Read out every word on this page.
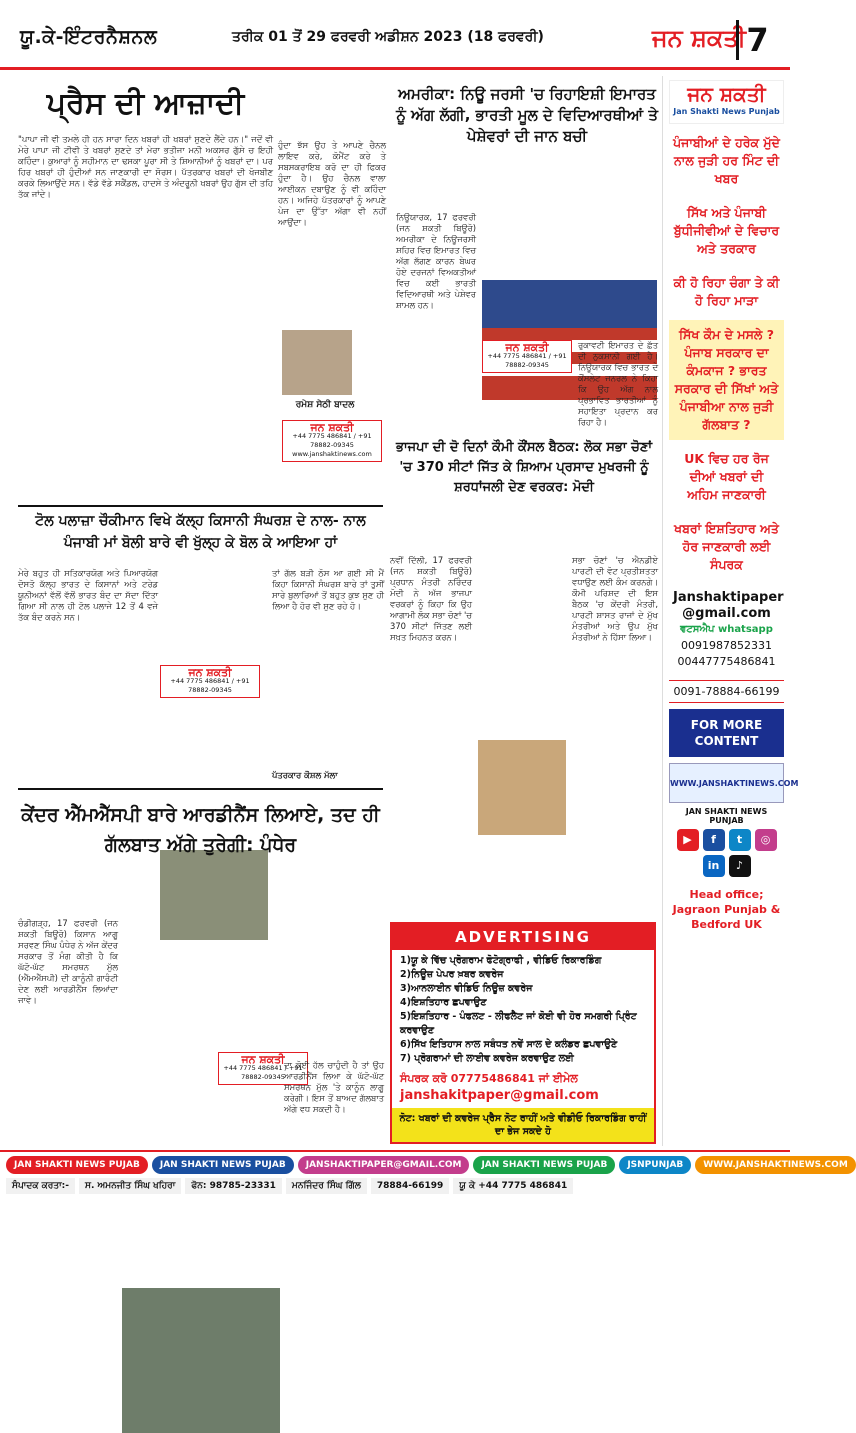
ਯੂ.ਕੇ-ਇੰਟਰਨੈਸ਼ਨਲ	ਤਰੀਕ 01 ਤੋਂ 29 ਫਰਵਰੀ ਅਡੀਸ਼ਨ 2023 (18 ਫਰਵਰੀ)	ਜਨ ਸ਼ਕਤੀ 7
ਪ੍ਰੈਸ ਦੀ ਆਜ਼ਾਦੀ
"ਪਾਪਾ ਜੀ ਵੀ ਤਮਲੇ ਹੀ ਹਨ ਸਾਰਾ ਦਿਨ ਖਬਰਾਂ ਹੀ ਖਬਰਾਂ ਸੁਣਦੇ ਲੈਂਦੇ ਹਨ।" ਜਦੋਂ ਵੀ ਮੇਰੇ ਪਾਪਾ ਜੀ ਟੀਵੀ ਤੇ ਖਬਰਾਂ ਸੁਣਦੇ ਤਾਂ ਮੇਰਾ ਭਤੀਜਾ ਮਨੀ ਅਕਸਰ ਗੁੱਸੇ ਚ ਇਹੀ ਕਹਿੰਦਾ। ਕੁਆਰਾਂ ਨੂੰ ਸਹੀਮਾਨ ਦਾ ਢਸਕਾ ਪੂਰਾ ਸੀ ਤੇ ਸ਼ਿਆਨੀਆਂ ਨੂੰ ਖਬਰਾਂ ਦਾ। ਪਰ ਹਿਰ ਖਬਰਾਂ ਹੀ ਹੁੰਦੀਆਂ ਸਨ ਜਾਣਕਾਰੀ ਦਾ ਸੋਰਸ। ਪੱਤਰਕਾਰ ਖਬਰਾਂ ਦੀ ਖੋਜਬੀਣ ਕਰਕੇ ਲਿਆਉਂਦੇ ਸਨ। ਵੱਡੇ ਵੱਡੇ ਸਕੈਂਡਲ, ਹਾਦਸੇ ਤੇ ਅੰਦਰੂਨੀ ਖਬਰਾਂ ਉਹ ਗੁੱਸ ਦੀ ਤਹਿ ਤੱਕ ਜਾਂਦੇ।
ਹੁੰਦਾ ਝੱਸ ਉਹ ਤੇ ਆਪਣੇ ਚੈਨਲ ਲਾਇਵ ਕਰੇ, ਕੋਮੈਂਟ ਕਰੇ ਤੇ ਸਬਸਕਰਾਇਬ ਕਰੋ ਦਾ ਹੀ ਫਿਕਰ ਹੁੰਦਾ ਹੈ। ਉਹ ਚੈਨਲ ਵਾਲਾ ਆਈਕਨ ਦਬਾਉਣ ਨੂੰ ਵੀ ਕਹਿੰਦਾ ਹਨ। ਅਜਿਹੇ ਪੱਤਰਕਾਰਾਂ ਨੂੰ ਆਪਣੇ ਪੇਜ ਦਾ ਉੱਤਾ ਅੱਗਾ ਵੀ ਨਹੀਂ ਆਉਂਦਾ।
ਰਮੇਸ਼ ਸੇਠੀ ਬਾਦਲ
ਜਨ ਸ਼ਕਤੀ
+44 7775 486841 / +91 78882-09345
www.janshaktinews.com
ਅਮਰੀਕਾ: ਨਿਊ ਜਰਸੀ 'ਚ ਰਿਹਾਇਸ਼ੀ ਇਮਾਰਤ ਨੂੰ ਅੱਗ ਲੱਗੀ, ਭਾਰਤੀ ਮੂਲ ਦੇ ਵਿਦਿਆਰਥੀਆਂ ਤੇ ਪੇਸ਼ੇਵਰਾਂ ਦੀ ਜਾਨ ਬਚੀ
ਨਿਊਯਾਰਕ, 17 ਫਰਵਰੀ (ਜਨ ਸ਼ਕਤੀ ਬਿਊਰੋ) ਅਮਰੀਕਾ ਦੇ ਨਿਊਜਰਸੀ ਸ਼ਹਿਰ ਵਿਚ ਇਮਾਰਤ ਵਿਚ ਅੱਗ ਲੱਗਣ ਕਾਰਨ ਬੇਘਰ ਹੋਏ ਦਰਜਨਾਂ ਵਿਅਕਤੀਆਂ ਵਿਚ ਕਈ ਭਾਰਤੀ ਵਿਦਿਆਰਥੀ ਅਤੇ ਪੇਸ਼ੇਵਰ ਸ਼ਾਮਲ ਹਨ।
ਜਨ ਸ਼ਕਤੀ
+44 7775 486841 / +91 78882-09345
ਰੁਕਾਵਟੀ ਇਮਾਰਤ ਦੇ ਛੱਤ ਦੀ ਨੁਕਸਾਨੀ ਗਈ ਹੈ। ਨਿਊਯਾਰਕ ਵਿਚ ਭਾਰਤ ਦੇ ਕੌਂਸਲੇਟ ਜਨਰਲ ਨੇ ਕਿਹਾ ਕਿ ਉਹ ਅੱਗ ਨਾਲ ਪ੍ਰਭਾਵਿਤ ਭਾਰਤੀਆਂ ਨੂੰ ਸਹਾਇਤਾ ਪ੍ਰਦਾਨ ਕਰ ਰਿਹਾ ਹੈ।
ਭਾਜਪਾ ਦੀ ਦੋ ਦਿਨਾਂ ਕੌਮੀ ਕੌਂਸਲ ਬੈਠਕ: ਲੋਕ ਸਭਾ ਚੋਣਾਂ 'ਚ 370 ਸੀਟਾਂ ਜਿੱਤ ਕੇ ਸ਼ਿਆਮ ਪ੍ਰਸਾਦ ਮੁਖਰਜੀ ਨੂੰ ਸ਼ਰਧਾਂਜਲੀ ਦੇਣ ਵਰਕਰ: ਮੋਦੀ
ਨਵੀਂ ਦਿੱਲੀ, 17 ਫਰਵਰੀ (ਜਨ ਸ਼ਕਤੀ ਬਿਊਰੋ) ਪ੍ਰਧਾਨ ਮੰਤਰੀ ਨਰਿੰਦਰ ਮੋਦੀ ਨੇ ਅੱਜ ਭਾਜਪਾ ਵਰਕਰਾਂ ਨੂੰ ਕਿਹਾ ਕਿ ਉਹ ਆਗਾਮੀ ਲੋਕ ਸਭਾ ਚੋਣਾਂ 'ਚ 370 ਸੀਟਾਂ ਜਿੱਤਣ ਲਈ ਸਖ਼ਤ ਮਿਹਨਤ ਕਰਨ।
ਸਭਾ ਚੋਣਾਂ 'ਚ ਐਨਡੀਏ ਪਾਰਟੀ ਦੀ ਵੋਟ ਪ੍ਰਤੀਸ਼ਤਤਾ ਵਧਾਉਣ ਲਈ ਕੰਮ ਕਰਨਗੇ। ਕੌਮੀ ਪਰਿਸ਼ਦ ਦੀ ਇਸ ਬੈਠਕ 'ਚ ਕੇਂਦਰੀ ਮੰਤਰੀ, ਪਾਰਟੀ ਸ਼ਾਸਤ ਰਾਜਾਂ ਦੇ ਮੁੱਖ ਮੰਤਰੀਆਂ ਅਤੇ ਉਪ ਮੁੱਖ ਮੰਤਰੀਆਂ ਨੇ ਹਿੱਸਾ ਲਿਆ।
ਟੋਲ ਪਲਾਜ਼ਾ ਚੌਕੀਮਾਨ ਵਿਖੇ ਕੱਲ੍ਹ ਕਿਸਾਨੀ ਸੰਘਰਸ਼ ਦੇ ਨਾਲ- ਨਾਲ ਪੰਜਾਬੀ ਮਾਂ ਬੋਲੀ ਬਾਰੇ ਵੀ ਖੁੱਲ੍ਹ ਕੇ ਬੋਲ ਕੇ ਆਇਆ ਹਾਂ
ਮੇਰੇ ਬਹੁਤ ਹੀ ਸਤਿਕਾਰਯੋਗ ਅਤੇ ਪਿਆਰਯੋਗ ਦੋਸਤੋ ਕੱਲ੍ਹ ਭਾਰਤ ਦੇ ਕਿਸਾਨਾਂ ਅਤੇ ਟਰੇਡ ਯੂਨੀਅਨਾਂ ਵੱਲੋਂ ਵੱਲੋਂ ਭਾਰਤ ਬੰਦ ਦਾ ਸੱਦਾ ਦਿੱਤਾ ਗਿਆ ਸੀ ਨਾਲ ਹੀ ਟੋਲ ਪਲਾਜੇ 12 ਤੋਂ 4 ਵਜੇ ਤੱਕ ਬੰਦ ਕਰਨੇ ਸਨ।
ਤਾਂ ਗੱਲ ਬੜੀ ਠੋਸ ਆ ਗਈ ਸੀ ਮੈਂ ਕਿਹਾ ਕਿਸਾਨੀ ਸੰਘਰਸ਼ ਬਾਰੇ ਤਾਂ ਤੁਸੀਂ ਸਾਰੇ ਬੁਲਾਰਿਆਂ ਤੋਂ ਬਹੁਤ ਕੁਝ ਸੁਣ ਹੀ ਲਿਆ ਹੈ ਹੋਰ ਵੀ ਸੁਣ ਰਹੇ ਹੋ।
ਜਨ ਸ਼ਕਤੀ
+44 7775 486841 / +91 78882-09345
ਪੱਤਰਕਾਰ ਕੌਸ਼ਲ ਮੱਲਾ
ਕੇਂਦਰ ਐੱਮਐੱਸਪੀ ਬਾਰੇ ਆਰਡੀਨੈਂਸ ਲਿਆਏ, ਤਦ ਹੀ ਗੱਲਬਾਤ ਅੱਗੇ ਤੁਰੇਗੀ: ਪੰਧੇਰ
ਚੰਡੀਗੜ੍ਹ, 17 ਫਰਵਰੀ (ਜਨ ਸ਼ਕਤੀ ਬਿਊਰੋ) ਕਿਸਾਨ ਆਗੂ ਸਰਵਣ ਸਿੰਘ ਪੰਧੇਰ ਨੇ ਅੱਜ ਕੇਂਦਰ ਸਰਕਾਰ ਤੋਂ ਮੰਗ ਕੀਤੀ ਹੈ ਕਿ ਘੱਟੋ-ਘੱਟ ਸਮਰਥਨ ਮੁੱਲ (ਐੱਮਐੱਸਪੀ) ਦੀ ਕਾਨੂੰਨੀ ਗਾਰੰਟੀ ਦੇਣ ਲਈ ਆਰਡੀਨੈਂਸ ਲਿਆਂਦਾ ਜਾਵੇ।
ਜਨ ਸ਼ਕਤੀ
+44 7775 486841 / +91 78882-09345
ਦਾ ਕੋਈ ਹੱਲ ਚਾਹੁੰਦੀ ਹੈ ਤਾਂ ਉਹ ਆਰਡੀਨੈਂਸ ਲਿਆ ਕੇ ਘੱਟੋ-ਘੱਟ ਸਮਰਥਨ ਮੁੱਲ 'ਤੇ ਕਾਨੂੰਨ ਲਾਗੂ ਕਰੇਗੀ। ਇਸ ਤੋਂ ਬਾਅਦ ਗੱਲਬਾਤ ਅੱਗੇ ਵਧ ਸਕਦੀ ਹੈ।
ADVERTISING
1)ਯੂ ਕੇ ਵਿੱਚ ਪ੍ਰੋਗਰਾਮ ਫੋਟੋਗ੍ਰਾਫੀ , ਵੀਡਿਓ ਰਿਕਾਰਡਿੰਗ
2)ਨਿਊਜ਼ ਪੇਪਰ ਖ਼ਬਰ ਕਵਰੇਜ
3)ਆਨਲਾਈਨ ਵੀਡਿਓ ਨਿਊਜ਼ ਕਵਰੇਜ
4)ਇਸ਼ਤਿਹਾਰ ਛਪਵਾਉਣ
5)ਇਸ਼ਤਿਹਾਰ - ਪੰਫਲਟ - ਲੀਫਲੈਟ ਜਾਂ ਕੋਈ ਵੀ ਹੋਰ ਸਮਗਰੀ ਪ੍ਰਿੰਟ ਕਰਵਾਉਣ
6)ਸਿੱਖ ਇਤਿਹਾਸ ਨਾਲ ਸਬੰਧਤ ਨਵੇਂ ਸਾਲ ਦੇ ਕਲੰਡਰ ਛਪਵਾਉਣੇ
7) ਪ੍ਰੋਗਰਾਮਾਂ ਦੀ ਲਾਈਵ ਕਵਰੇਜ ਕਰਵਾਉਣ ਲਈ
ਸੰਪਰਕ ਕਰੋ 07775486841 ਜਾਂ ਈਮੇਲ
janshakitpaper@gmail.com
ਨੋਟ: ਖਬਰਾਂ ਦੀ ਕਵਰੇਜ ਪ੍ਰੈਸ ਨੋਟ ਰਾਹੀਂ ਅਤੇ ਵੀਡੀਓ ਰਿਕਾਰਡਿੰਗ ਰਾਹੀਂ ਦਾ ਭੇਜ ਸਕਦੇ ਹੋ
ਜਨ ਸ਼ਕਤੀ
Jan Shakti News Punjab
ਪੰਜਾਬੀਆਂ ਦੇ ਹਰੇਕ ਮੁੱਦੇ ਨਾਲ ਜੁੜੀ ਹਰ ਮਿੰਟ ਦੀ ਖਬਰ
ਸਿੱਖ ਅਤੇ ਪੰਜਾਬੀ ਬੁੱਧੀਜੀਵੀਆਂ ਦੇ ਵਿਚਾਰ ਅਤੇ ਤਰਕਾਰ
ਕੀ ਹੋ ਰਿਹਾ ਚੰਗਾ ਤੇ ਕੀ ਹੋ ਰਿਹਾ ਮਾੜਾ
ਸਿੱਖ ਕੌਮ ਦੇ ਮਸਲੇ ? ਪੰਜਾਬ ਸਰਕਾਰ ਦਾ ਕੰਮਕਾਜ ? ਭਾਰਤ ਸਰਕਾਰ ਦੀ ਸਿੱਖਾਂ ਅਤੇ ਪੰਜਾਬੀਆ ਨਾਲ ਜੁੜੀ ਗੱਲਬਾਤ ?
UK ਵਿਚ ਹਰ ਰੋਜ ਦੀਆਂ ਖਬਰਾਂ ਦੀ ਅਹਿਮ ਜਾਣਕਾਰੀ
ਖਬਰਾਂ ਇਸ਼ਤਿਹਾਰ ਅਤੇ ਹੋਰ ਜਾਣਕਾਰੀ ਲਈ ਸੰਪਰਕ
Janshaktipaper
@gmail.com
ਵਟਸਐਪ whatsapp
0091987852331
00447775486841
0091-78884-66199
FOR MORE CONTENT
WWW.JANSHAKTINEWS.COM
JAN SHAKTI NEWS PUNJAB
▶	f	t	◎
in	♪
Head office; Jagraon Punjab & Bedford UK
JAN SHAKTI NEWS PUJAB	JAN SHAKTI NEWS PUJAB	JANSHAKTIPAPER@GMAIL.COM	JAN SHAKTI NEWS PUJAB	JSNPUNJAB	WWW.JANSHAKTINEWS.COM
ਸੰਪਾਦਕ ਕਰਤਾ:-	ਸ. ਅਮਨਜੀਤ ਸਿੰਘ ਖਹਿਰਾ	ਫੋਨ: 98785-23331	ਮਨਜਿੰਦਰ ਸਿੰਘ ਗਿੱਲ	78884-66199	ਯੂ ਕੇ +44 7775 486841
